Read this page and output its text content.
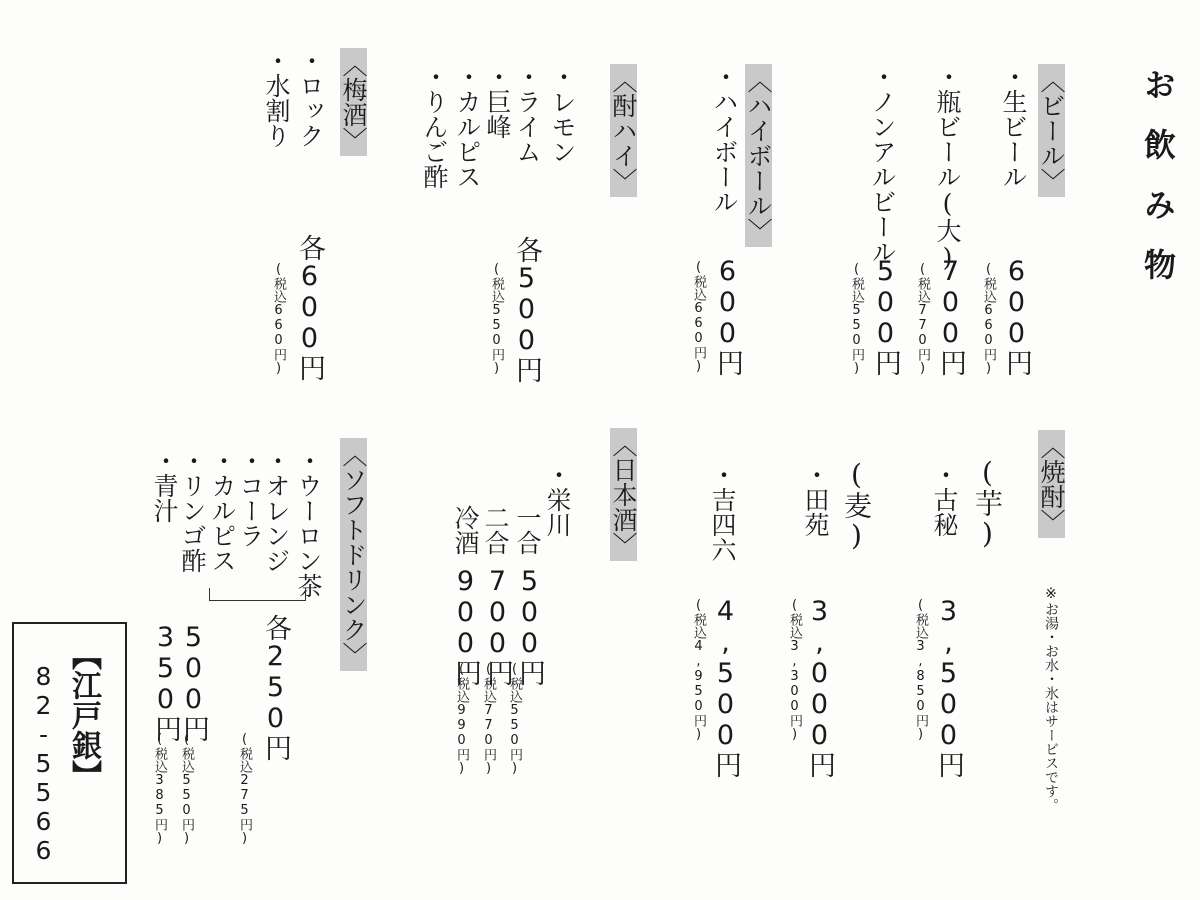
お飲み物
〈ビール〉
・生ビール
・瓶ビール(大)
・ノンアルビール
600円
(税込660円)
700円
(税込770円)
500円
(税込550円)
〈ハイボール〉
・ハイボール
600円
(税込660円)
〈酎ハイ〉
・レモン
・ライム
・巨峰
・カルピス
・りんご酢
各500円
(税込550円)
〈梅酒〉
・ロック
・水割り
各600円
(税込660円)
〈焼酎〉
※お湯・お水・氷はサービスです。
(芋)
・古秘
3,500円
(税込3,850円)
(麦)
・田苑
3,000円
(税込3,300円)
・吉四六
4,500円
(税込4,950円)
〈日本酒〉
・栄川
一合
二合
冷酒
500円
700円
900円
(税込550円)
(税込770円)
(税込990円)
〈ソフトドリンク〉
・ウーロン茶
・オレンジ
・コーラ
・カルピス
・リンゴ酢
・青汁
各250円
(税込275円)
500円
(税込550円)
350円
(税込385円)
【江戸銀】
82-5566
